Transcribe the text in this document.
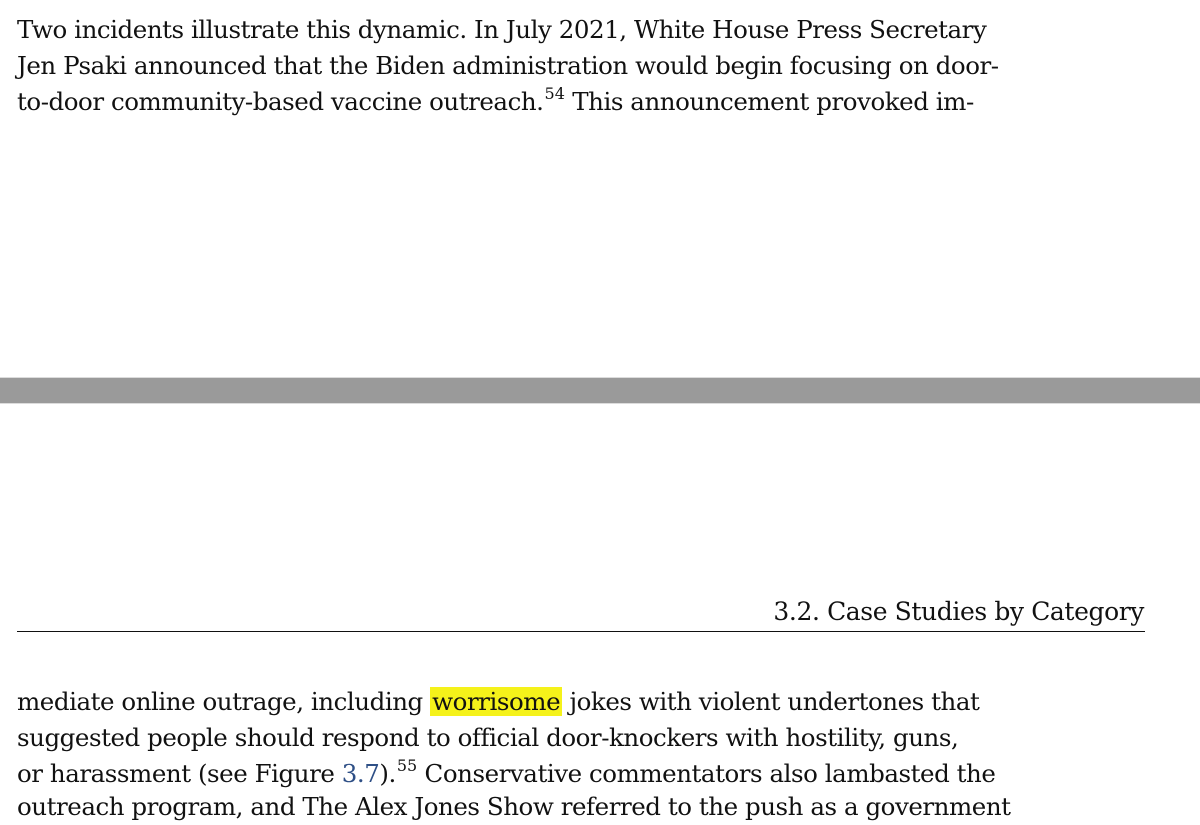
Two incidents illustrate this dynamic. In July 2021, White House Press Secretary
Jen Psaki announced that the Biden administration would begin focusing on door-
to-door community-based vaccine outreach.$^{54}$ This announcement provoked im-
3.2. Case Studies by Category
mediate online outrage, including worrisome jokes with violent undertones that
suggested people should respond to official door-knockers with hostility, guns,
or harassment (see Figure 3.7).$^{55}$ Conservative commentators also lambasted the
outreach program, and The Alex Jones Show referred to the push as a government
